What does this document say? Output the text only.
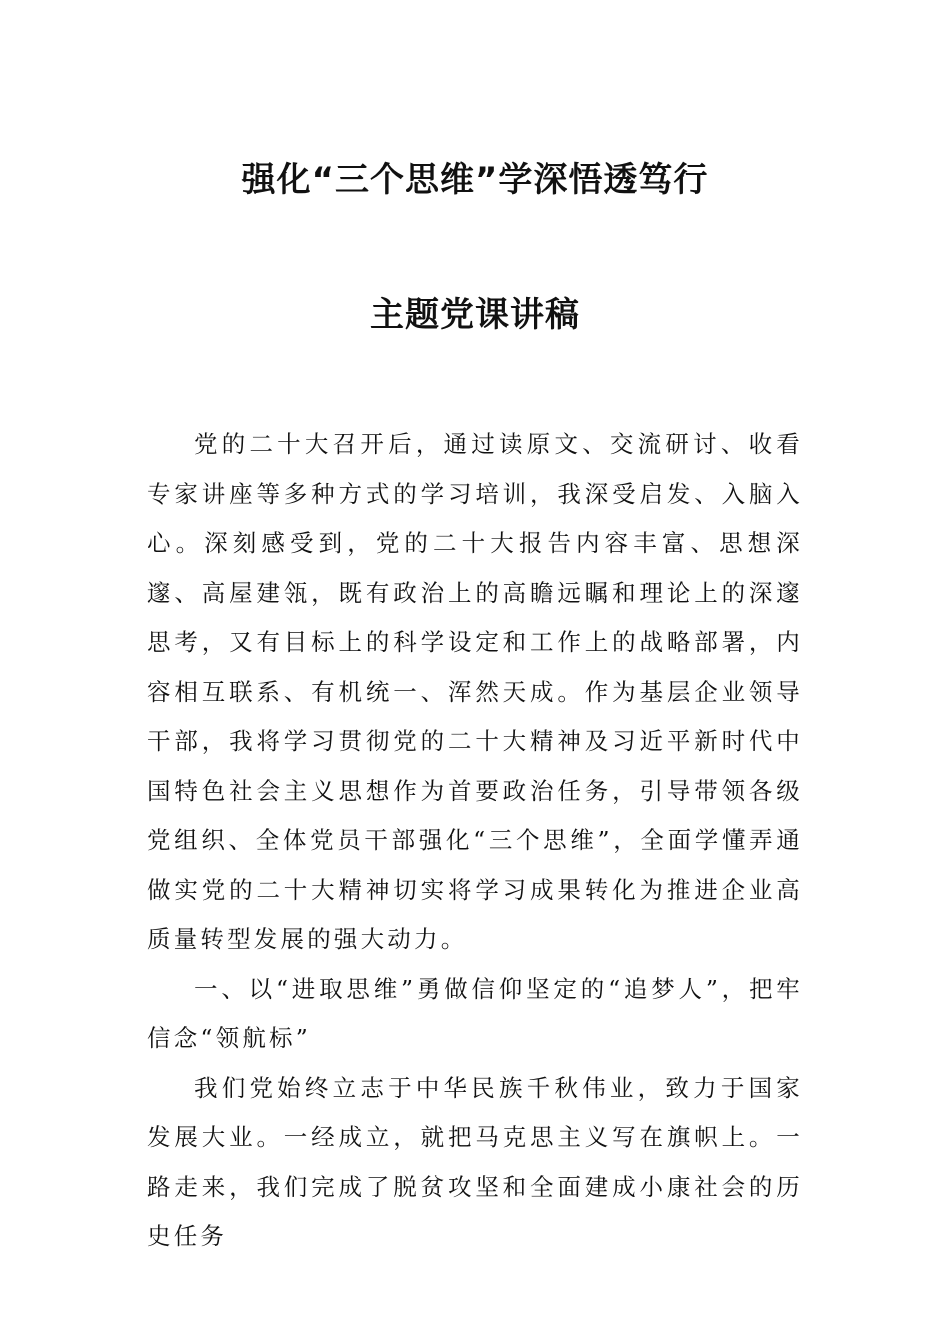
强化“三个思维”学深悟透笃行
主题党课讲稿

党的二十大召开后，通过读原文、交流研讨、收看专家讲座等多种方式的学习培训，我深受启发、入脑入心。深刻感受到，党的二十大报告内容丰富、思想深邃、高屋建瓴，既有政治上的高瞻远瞩和理论上的深邃思考，又有目标上的科学设定和工作上的战略部署，内容相互联系、有机统一、浑然天成。作为基层企业领导干部，我将学习贯彻党的二十大精神及习近平新时代中国特色社会主义思想作为首要政治任务，引导带领各级党组织、全体党员干部强化“三个思维”，全面学懂弄通做实党的二十大精神切实将学习成果转化为推进企业高质量转型发展的强大动力。

一、以“进取思维”勇做信仰坚定的“追梦人”，把牢信念“领航标”

我们党始终立志于中华民族千秋伟业，致力于国家发展大业。一经成立，就把马克思主义写在旗帜上。一路走来，我们完成了脱贫攻坚和全面建成小康社会的历史任务
